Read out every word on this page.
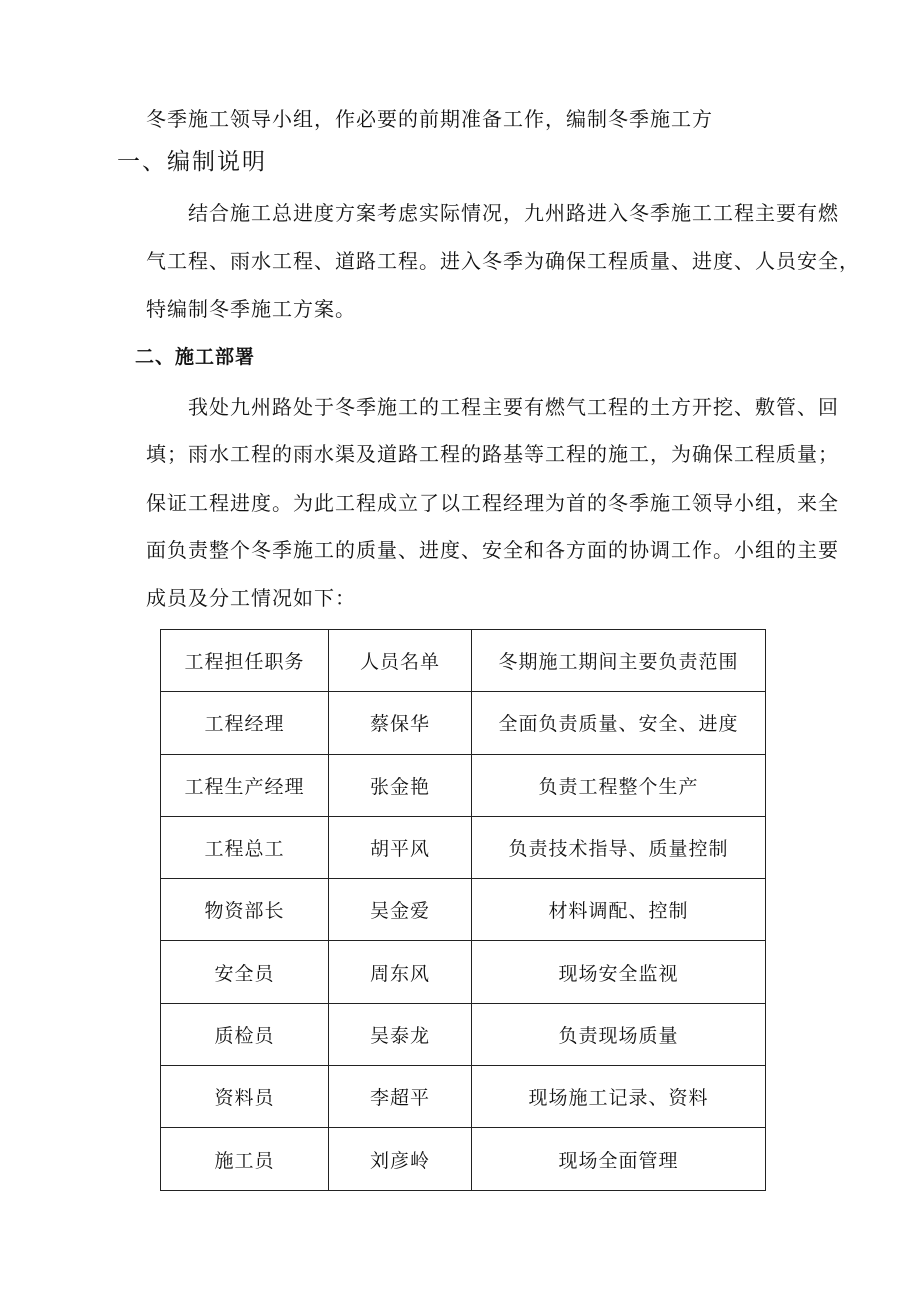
冬季施工领导小组，作必要的前期准备工作，编制冬季施工方
一、编制说明
结合施工总进度方案考虑实际情况，九州路进入冬季施工工程主要有燃
气工程、雨水工程、道路工程。进入冬季为确保工程质量、进度、人员安全，
特编制冬季施工方案。
二、施工部署
我处九州路处于冬季施工的工程主要有燃气工程的土方开挖、敷管、回
填；雨水工程的雨水渠及道路工程的路基等工程的施工，为确保工程质量；
保证工程进度。为此工程成立了以工程经理为首的冬季施工领导小组，来全
面负责整个冬季施工的质量、进度、安全和各方面的协调工作。小组的主要
成员及分工情况如下：
工程担任职务	人员名单	冬期施工期间主要负责范围
工程经理	蔡保华	全面负责质量、安全、进度
工程生产经理	张金艳	负责工程整个生产
工程总工	胡平风	负责技术指导、质量控制
物资部长	吴金爱	材料调配、控制
安全员	周东风	现场安全监视
质检员	吴泰龙	负责现场质量
资料员	李超平	现场施工记录、资料
施工员	刘彦岭	现场全面管理
